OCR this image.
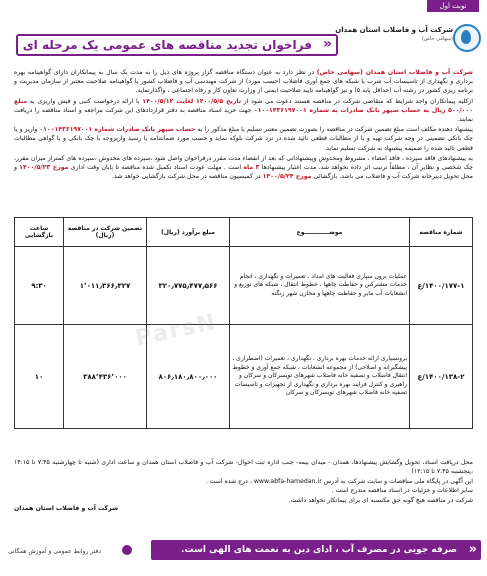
نوبت اول
شرکت آب و فاضلاب استان همدان
(سهامی خاص)
«
فراخوان تجدید مناقصه های عمومی یک مرحله ای

شرکت آب و فاضلاب استان همدان (سهامی خاص) در نظر دارد به عنوان دستگاه مناقصه گزار پروژه های ذیل را به مدت یک سال به پیمانکاران دارای گواهینامه بهره برداری و نگهداری از تاسیسات آب شرب یا شبکه های جمع آوری فاضلاب (حسب مورد) از شرکت مهندسی آب و فاضلاب کشور یا گواهینامه صلاحیت معتبر از سازمان مدیریت و برنامه ریزی کشور در رشته آب (حداقل پایه ۵) و نیز گواهینامه تایید صلاحیت ایمنی از وزارت تعاون کار و رفاه اجتماعی ، واگذارنماید.

ازکلیه پیمانکاران واجد شرایط که متقاضی شرکت در مناقصه هستند دعوت می شود از تاریخ ۱۴۰۰/۵/۵ لغایت ۱۴۰۰/۵/۱۲ با ارائه درخواست کتبی و فیش واریزی به مبلغ ۵۰۰/۰۰۰ ریال به حساب سپهر بانک صادرات به شماره ۰۱۰۰۱۴۳۶۱۹۷۰۰۱ جهت خرید اسناد مناقصه به دفتر قراردادهای این شرکت مراجعه و اسناد مناقصه را دریافت نمایند.

پیشنهاد دهنده مکلف است مبلغ تضمین شرکت در مناقصه را بصورت تضمین معتبر تسلیم یا مبلغ مذکور را به حساب سپهر بانک صادرات شماره ۰۱۰۰۱۴۳۶۱۹۷۰۰۱ واریز و یا چک بانکی تضمینی در وجه شرکت تهیه و یا از مطالبات قطعی تائید شده در نزد شرکت بلوکه نماید و حسب مورد ضمانتنامه یا رسید واریزوجه یا چک بانکی و یا گواهی مطالبات قطعی تائید شده را ضمیمه پیشنهاد به شرکت تسلیم نماید.

به پیشنهادهای فاقد سپرده ، فاقد امضاء ، مشروط ومخدوش وپیشنهاداتی که بعد از انقضاء مدت مقرر درفراخوان واصل شود ،سپرده های مخدوش ،سپرده های کمتراز میزان مقرر، چک شخصی و نظایر آن ، مطلقاً ترتیب اثر داده نخواهد شد. مدت اعتبار پیشنهادها ۳ ماه است . مهلت عودت اسناد تکمیل شده مناقصه تا پایان وقت اداری مورخ ۱۴۰۰/۵/۲۳ و محل تحویل دبیرخانه شرکت آب و فاضلاب می باشد. بازگشائی مورخ ۱۴۰۰/۵/۲۴ در کمیسیون مناقصه در محل شرکت بازگشایی خواهد شد.

شماره مناقصه	موضــــــــــــوع	مبلغ برآورد (ریال)	تضمین شرکت در مناقصه (ریال)	ساعت بازگشایی
۱۴۰۰/۱۷۷-۱/ع	عملیات برون سپاری فعالیت های امداد ، تعمیرات و نگهداری ، انجام خدمات مشترکین و حفاظت چاهها ، خطوط انتقال ، شبکه های توزیع و انشعابات آب مایر و حفاظت چاهها و مخازن شهر زنگنه	۳۲۰٫۷۷۵٫۴۷۷٫۵۶۶	۱٬۰۱۱٫۳۶۶٫۳۲۷	۹:۳۰
۱۴۰۰/۱۳۸-۲/ع	برونسپاری ارائه خدمات بهره برداری ، نگهداری ، تعمیرات (اضطراری ، پیشگیرانه و اصلاحی) از مجموعه انشعابات ، شبکه جمع آوری و خطوط انتقال فاضلاب و تصفیه خانه فاضلاب شهرهای تویسرکان و سرکان و راهبری و کنترل فرایند بهره برداری و نگهداری از تجهیزات و تاسیسات تصفیه خانه فاضلاب شهرهای تویسرکان و سرکان	۸۰۶٫۱۸۰٫۸۰۰٫۰۰۰	۳۸۸٬۴۳۶٬۰۰۰	۱۰
ParsN

محل دریافت اسناد، تحویل وگشایش پیشنهادها، همدان - میدان بیمه- جنب اداره ثبت احوال- شرکت آب و فاضلاب استان همدان و ساعت اداری (شنبه تا چهارشنبه ۷:۴۵ تا ۱۴:۱۵ ،پنجشنبه ۷:۴۵ تا ۱۲:۱۵)

این آگهی در پایگاه ملی مناقصات و سایت شرکت به آدرس www.abfa-hamedan.ir ، درج شده است .

سایر اطلاعات و جزئیات در اسناد مناقصه مندرج است .

شرکت در مناقصه هیچ گونه حق مکتسبه ای برای پیمانکار نخواهد داشت.

شرکت آب و فاضلاب استان همدان
«
صرفه جویی در مصرف آب ، ادای دین به نعمت های الهی است.
دفتر روابط عمومی و آموزش همگانی
